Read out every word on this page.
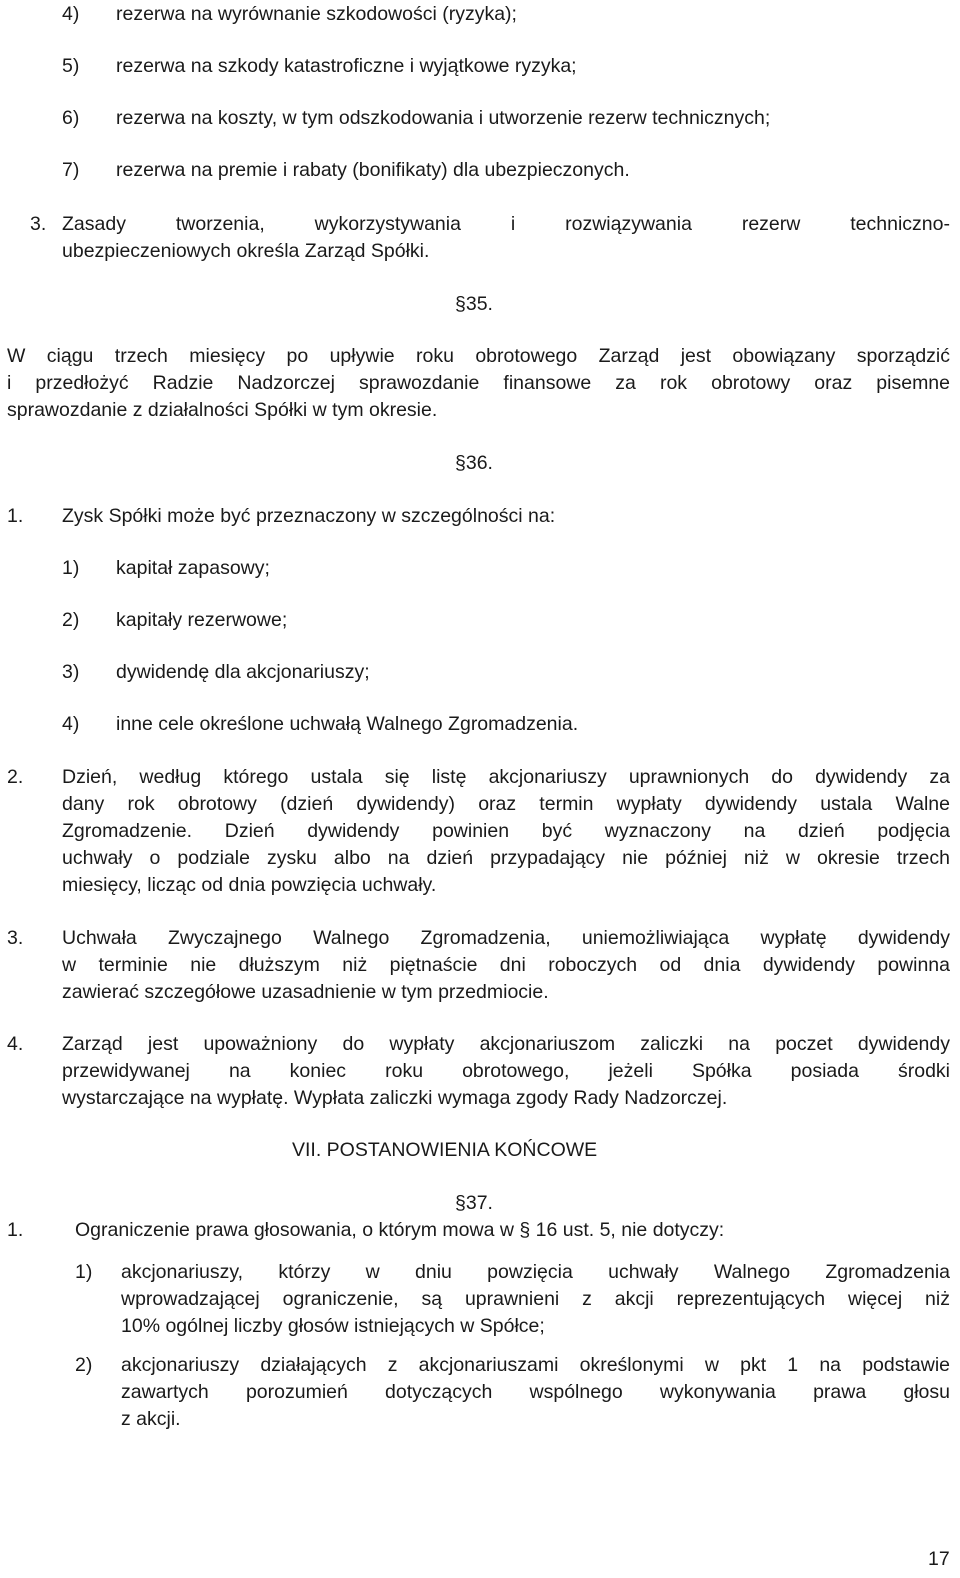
4) rezerwa na wyrównanie szkodowości (ryzyka);
5) rezerwa na szkody katastroficzne i wyjątkowe ryzyka;
6) rezerwa na koszty, w tym odszkodowania i utworzenie rezerw technicznych;
7) rezerwa na premie i rabaty (bonifikaty) dla ubezpieczonych.
3. Zasady tworzenia, wykorzystywania i rozwiązywania rezerw techniczno-
ubezpieczeniowych określa Zarząd Spółki.
§35.
W ciągu trzech miesięcy po upływie roku obrotowego Zarząd jest obowiązany sporządzić
i przedłożyć Radzie Nadzorczej sprawozdanie finansowe za rok obrotowy oraz pisemne
sprawozdanie z działalności Spółki w tym okresie.
§36.
1. Zysk Spółki może być przeznaczony w szczególności na:
1) kapitał zapasowy;
2) kapitały rezerwowe;
3) dywidendę dla akcjonariuszy;
4) inne cele określone uchwałą Walnego Zgromadzenia.
2. Dzień, według którego ustala się listę akcjonariuszy uprawnionych do dywidendy za
dany rok obrotowy (dzień dywidendy) oraz termin wypłaty dywidendy ustala Walne
Zgromadzenie. Dzień dywidendy powinien być wyznaczony na dzień podjęcia
uchwały o podziale zysku albo na dzień przypadający nie później niż w okresie trzech
miesięcy, licząc od dnia powzięcia uchwały.
3. Uchwała Zwyczajnego Walnego Zgromadzenia, uniemożliwiająca wypłatę dywidendy
w terminie nie dłuższym niż piętnaście dni roboczych od dnia dywidendy powinna
zawierać szczegółowe uzasadnienie w tym przedmiocie.
4. Zarząd jest upoważniony do wypłaty akcjonariuszom zaliczki na poczet dywidendy
przewidywanej na koniec roku obrotowego, jeżeli Spółka posiada środki
wystarczające na wypłatę. Wypłata zaliczki wymaga zgody Rady Nadzorczej.
VII. POSTANOWIENIA KOŃCOWE
§37.
1.	Ograniczenie prawa głosowania, o którym mowa w § 16 ust. 5, nie dotyczy:
1) akcjonariuszy, którzy w dniu powzięcia uchwały Walnego Zgromadzenia
wprowadzającej ograniczenie, są uprawnieni z akcji reprezentujących więcej niż
10% ogólnej liczby głosów istniejących w Spółce;
2) akcjonariuszy działających z akcjonariuszami określonymi w pkt 1 na podstawie
zawartych porozumień dotyczących wspólnego wykonywania prawa głosu
z akcji.
17
